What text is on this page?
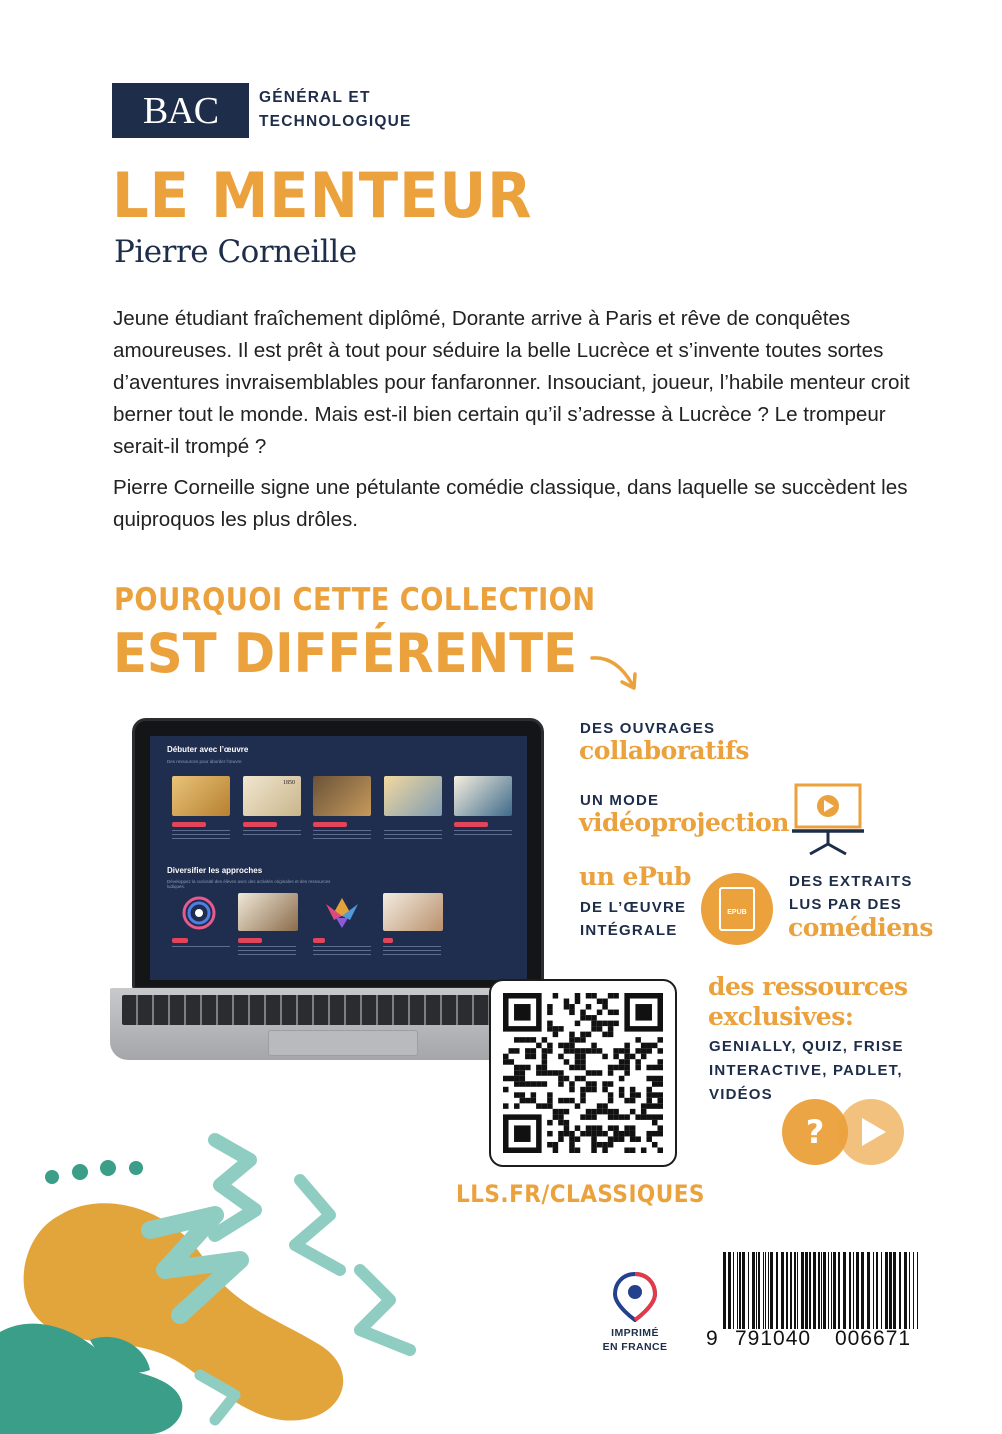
BAC	GÉNÉRAL ET
TECHNOLOGIQUE
LE MENTEUR
Pierre Corneille

Jeune étudiant fraîchement diplômé, Dorante arrive à Paris et rêve de conquêtes amoureuses. Il est prêt à tout pour séduire la belle Lucrèce et s’invente toutes sortes d’aventures invraisemblables pour fanfaronner. Insouciant, joueur, l’habile menteur croit berner tout le monde. Mais est-il bien certain qu’il s’adresse à Lucrèce ? Le trompeur serait-il trompé ?

Pierre Corneille signe une pétulante comédie classique, dans laquelle se succèdent les quiproquos les plus drôles.

POURQUOI CETTE COLLECTION
EST DIFFÉRENTE
Débuter avec l’œuvre
Des ressources pour aborder l’œuvre
1850
Diversifier les approches
Développez la curiosité des élèves avec des activités originales et des ressources ludiques.
DES OUVRAGES
collaboratifs
UN MODE
vidéoprojection
un ePub
DE L’ŒUVRE
INTÉGRALE
EPUB
DES EXTRAITS
LUS PAR DES
comédiens
des ressources
exclusives:
GENIALLY, QUIZ, FRISE
INTERACTIVE, PADLET,
VIDÉOS
?
LLS.FR/CLASSIQUES
IMPRIMÉ
EN FRANCE	9 791040 006671
